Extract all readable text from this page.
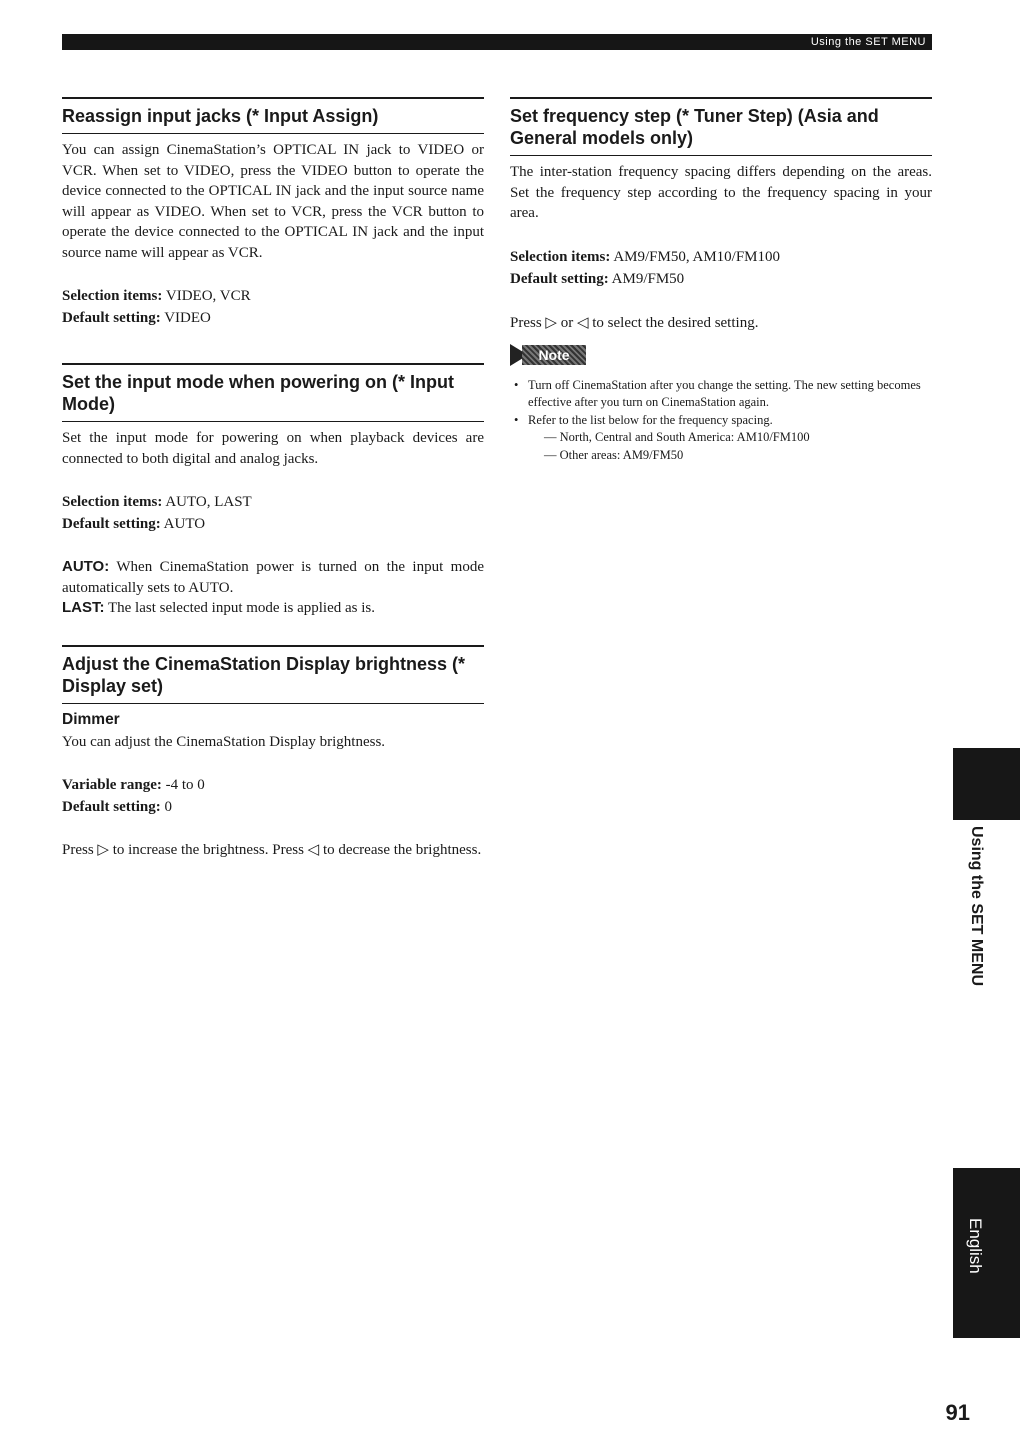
Using the SET MENU
Reassign input jacks (* Input Assign)

You can assign CinemaStation’s OPTICAL IN jack to VIDEO or VCR. When set to VIDEO, press the VIDEO button to operate the device connected to the OPTICAL IN jack and the input source name will appear as VIDEO. When set to VCR, press the VCR button to operate the device connected to the OPTICAL IN jack and the input source name will appear as VCR.

Selection items: VIDEO, VCR
Default setting: VIDEO
Set the input mode when powering on (* Input Mode)

Set the input mode for powering on when playback devices are connected to both digital and analog jacks.

Selection items: AUTO, LAST
Default setting: AUTO

AUTO: When CinemaStation power is turned on the input mode automatically sets to AUTO.

LAST: The last selected input mode is applied as is.

Adjust the CinemaStation Display brightness (* Display set)
Dimmer

You can adjust the CinemaStation Display brightness.

Variable range: -4 to 0
Default setting: 0

Press ▷ to increase the brightness. Press ◁ to decrease the brightness.

Set frequency step (* Tuner Step) (Asia and General models only)

The inter-station frequency spacing differs depending on the areas. Set the frequency step according to the frequency spacing in your area.

Selection items: AM9/FM50, AM10/FM100
Default setting: AM9/FM50
Press ▷ or ◁ to select the desired setting.
Note
• Turn off CinemaStation after you change the setting. The new setting becomes effective after you turn on CinemaStation again.
• Refer to the list below for the frequency spacing.
— North, Central and South America: AM10/FM100
— Other areas: AM9/FM50
Using the SET MENU
English
91
